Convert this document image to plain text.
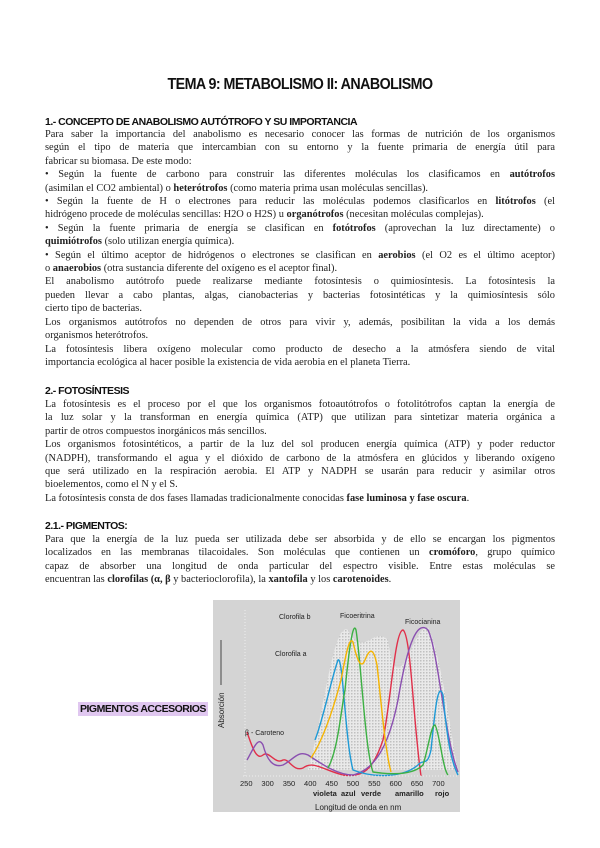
TEMA 9: METABOLISMO II: ANABOLISMO
1.- CONCEPTO DE ANABOLISMO AUTÓTROFO Y SU IMPORTANCIA
Para saber la importancia del anabolismo es necesario conocer las formas de nutrición de los organismos
según el tipo de materia que intercambian con su entorno y la fuente primaria de energía útil para
fabricar su biomasa. De este modo:
• Según la fuente de carbono para construir las diferentes moléculas los clasificamos en autótrofos
(asimilan el CO2 ambiental) o heterótrofos (como materia prima usan moléculas sencillas).
• Según la fuente de H o electrones para reducir las moléculas podemos clasificarlos en litótrofos (el
hidrógeno procede de moléculas sencillas: H2O o H2S) u organótrofos (necesitan moléculas complejas).
• Según la fuente primaria de energía se clasifican en fotótrofos (aprovechan la luz directamente) o
quimiótrofos (solo utilizan energía química).
• Según el último aceptor de hidrógenos o electrones se clasifican en aerobios (el O2 es el último aceptor)
o anaerobios (otra sustancia diferente del oxígeno es el aceptor final).
El anabolismo autótrofo puede realizarse mediante fotosíntesis o quimiosíntesis. La fotosíntesis la
pueden llevar a cabo plantas, algas, cianobacterias y bacterias fotosintéticas y la quimiosíntesis sólo
cierto tipo de bacterias.
Los organismos autótrofos no dependen de otros para vivir y, además, posibilitan la vida a los demás
organismos heterótrofos.
La fotosíntesis libera oxígeno molecular como producto de desecho a la atmósfera siendo de vital
importancia ecológica al hacer posible la existencia de vida aerobia en el planeta Tierra.
2.- FOTOSÍNTESIS
La fotosíntesis es el proceso por el que los organismos fotoautótrofos o fotolitótrofos captan la energía de
la luz solar y la transforman en energía química (ATP) que utilizan para sintetizar materia orgánica a
partir de otros compuestos inorgánicos más sencillos.
Los organismos fotosintéticos, a partir de la luz del sol producen energía química (ATP) y poder reductor
(NADPH), transformando el agua y el dióxido de carbono de la atmósfera en glúcidos y liberando oxígeno
que será utilizado en la respiración aerobia. El ATP y NADPH se usarán para reducir y asimilar otros
bioelementos, como el N y el S.
La fotosíntesis consta de dos fases llamadas tradicionalmente conocidas fase luminosa y fase oscura.
2.1.- PIGMENTOS:
Para que la energía de la luz pueda ser utilizada debe ser absorbida y de ello se encargan los pigmentos
localizados en las membranas tilacoidales. Son moléculas que contienen un cromóforo, grupo químico
capaz de absorber una longitud de onda particular del espectro visible. Entre estas moléculas se
encuentran las clorofilas (α, β y bacterioclorofila), la xantofila y los carotenoides.
PIGMENTOS ACCESORIOS Absorción
250 300 350 400 450 500 550 600 650 700
violeta azul verde amarillo rojo
Longitud de onda en nm
Clorofila b
Clorofila a
Ficoeritrina
Ficocianina
β - Caroteno
